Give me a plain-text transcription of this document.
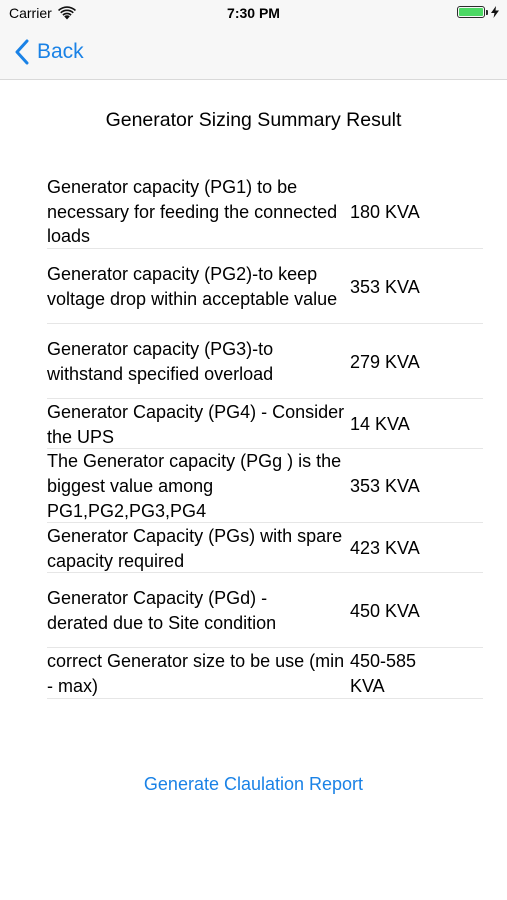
Carrier	7:30 PM
Back
Generator Sizing Summary Result
Generator capacity (PG1) to be necessary for feeding the connected loads
180 KVA
Generator capacity (PG2)-to keep voltage drop within acceptable value
353 KVA
Generator capacity (PG3)-to withstand specified overload
279 KVA
Generator Capacity (PG4) - Consider the UPS
14 KVA
The Generator capacity (PGg ) is the biggest value among PG1,PG2,PG3,PG4
353 KVA
Generator Capacity (PGs) with spare capacity required
423 KVA
Generator Capacity (PGd) - derated due to Site condition
450 KVA
correct Generator size to be use (min - max)
450-585 KVA
Generate Claulation Report
